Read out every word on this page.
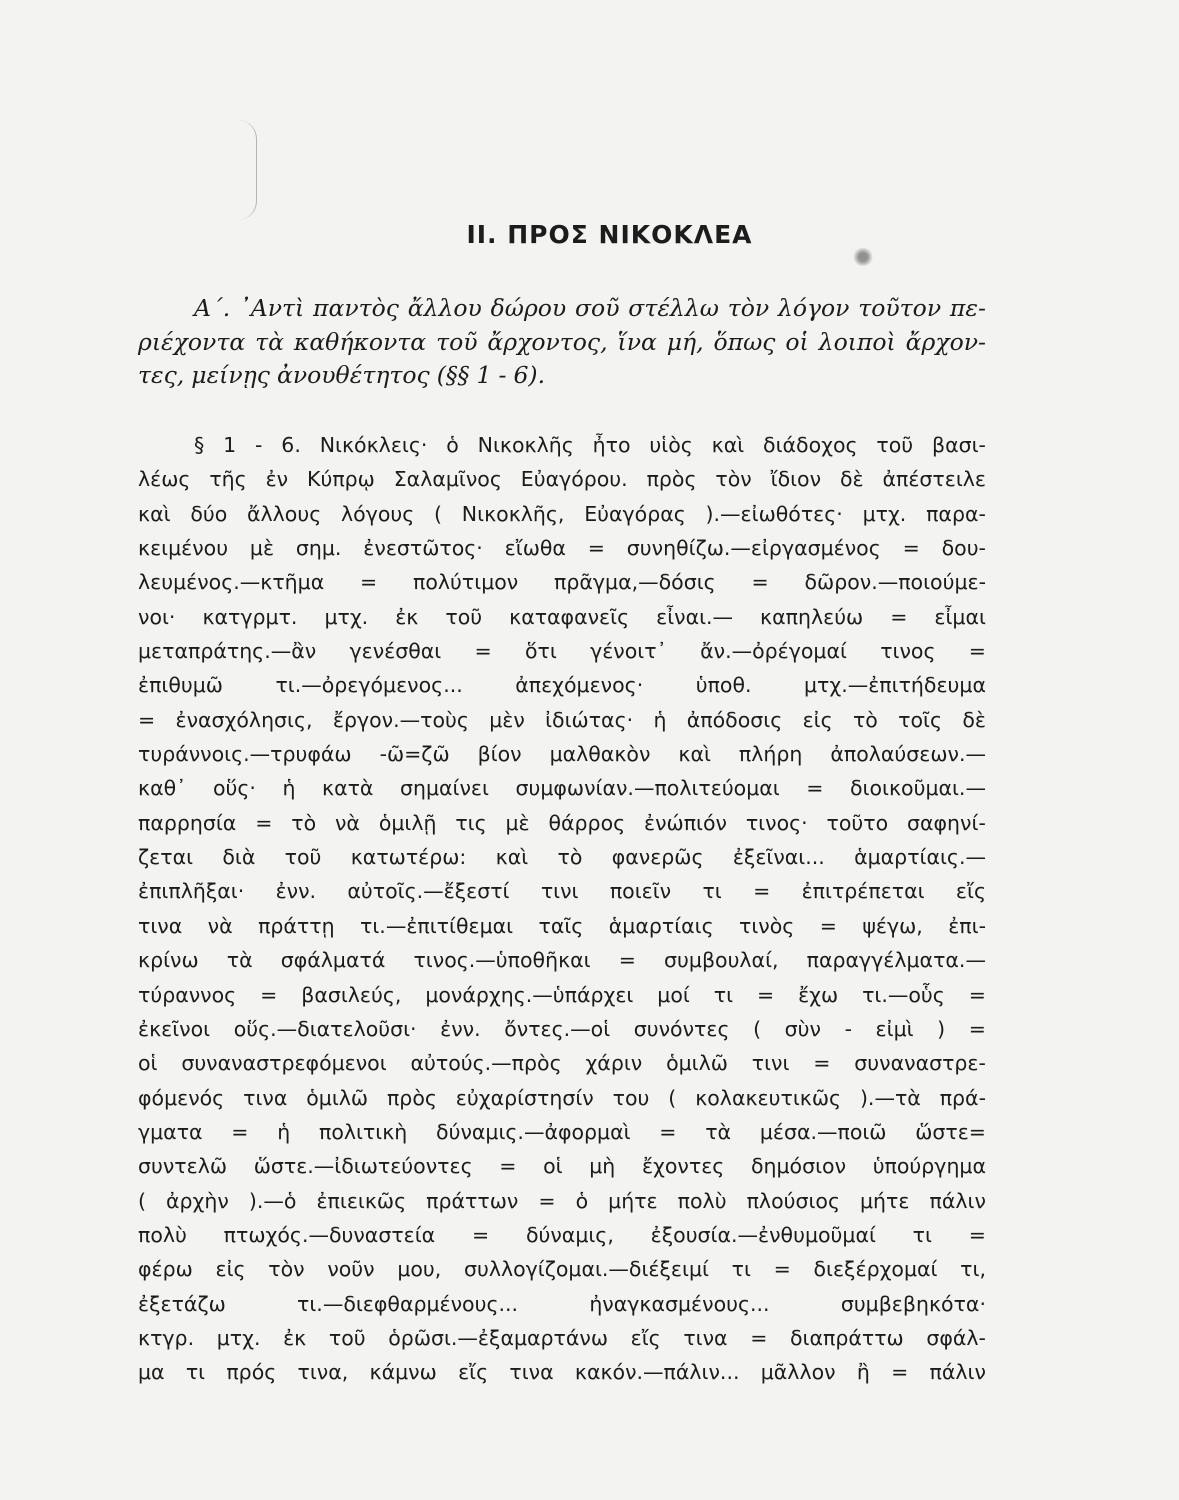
II. ΠΡΟΣ ΝΙΚΟΚΛΕΑ
Α΄. ᾿Αντὶ παντὸς ἄλλου δώρου σοῦ στέλλω τὸν λόγον τοῦτον πε-
ριέχοντα τὰ καθήκοντα τοῦ ἄρχοντος, ἵνα μή, ὅπως οἱ λοιποὶ ἄρχον-
τες, μείνῃς ἀνουθέτητος (§§ 1 - 6).
§ 1 - 6. Νικόκλεις· ὁ Νικοκλῆς ἦτο υἱὸς καὶ διάδοχος τοῦ βασι-
λέως τῆς ἐν Κύπρῳ Σαλαμῖνος Εὐαγόρου. πρὸς τὸν ἴδιον δὲ ἀπέστειλε
καὶ δύο ἄλλους λόγους ( Νικοκλῆς, Εὐαγόρας ).—εἰωθότες· μτχ. παρα-
κειμένου μὲ σημ. ἐνεστῶτος· εἴωθα = συνηθίζω.—εἰργασμένος = δου-
λευμένος.—κτῆμα = πολύτιμον πρᾶγμα,—δόσις = δῶρον.—ποιούμε-
νοι· κατγρμτ. μτχ. ἐκ τοῦ καταφανεῖς εἶναι.— καπηλεύω = εἶμαι
μεταπράτης.—ἂν γενέσθαι = ὅτι γένοιτ᾽ ἄν.—ὀρέγομαί τινος =
ἐπιθυμῶ	τι.—ὀρεγόμενος...	ἀπεχόμενος·	ὑποθ.	μτχ.—ἐπιτήδευμα
= ἐνασχόλησις, ἔργον.—τοὺς μὲν ἰδιώτας· ἡ ἀπόδοσις εἰς τὸ τοῖς δὲ
τυράννοις.—τρυφάω -ῶ=ζῶ βίον μαλθακὸν καὶ πλήρη ἀπολαύσεων.—
καθ᾽ οὕς· ἡ κατὰ σημαίνει συμφωνίαν.—πολιτεύομαι = διοικοῦμαι.—
παρρησία = τὸ νὰ ὁμιλῇ τις μὲ θάρρος ἐνώπιόν τινος· τοῦτο σαφηνί-
ζεται διὰ τοῦ κατωτέρω: καὶ τὸ φανερῶς ἐξεῖναι... ἁμαρτίαις.—
ἐπιπλῆξαι· ἐνν. αὐτοῖς.—ἔξεστί τινι ποιεῖν τι = ἐπιτρέπεται εἴς
τινα νὰ πράττῃ τι.—ἐπιτίθεμαι ταῖς ἁμαρτίαις τινὸς = ψέγω, ἐπι-
κρίνω τὰ σφάλματά τινος.—ὑποθῆκαι = συμβουλαί, παραγγέλματα.—
τύραννος = βασιλεύς, μονάρχης.—ὑπάρχει μοί τι = ἔχω τι.—οὗς =
ἐκεῖνοι οὕς.—διατελοῦσι· ἐνν. ὄντες.—οἱ συνόντες ( σὺν - εἰμὶ ) =
οἱ συναναστρεφόμενοι αὐτούς.—πρὸς χάριν ὁμιλῶ τινι = συναναστρε-
φόμενός τινα ὁμιλῶ πρὸς εὐχαρίστησίν του ( κολακευτικῶς ).—τὰ πρά-
γματα = ἡ πολιτικὴ δύναμις.—ἀφορμαὶ = τὰ μέσα.—ποιῶ ὥστε=
συντελῶ ὥστε.—ἰδιωτεύοντες = οἱ μὴ ἔχοντες δημόσιον ὑπούργημα
( ἀρχὴν ).—ὁ ἐπιεικῶς πράττων = ὁ μήτε πολὺ πλούσιος μήτε πάλιν
πολὺ πτωχός.—δυναστεία = δύναμις, ἐξουσία.—ἐνθυμοῦμαί τι =
φέρω εἰς τὸν νοῦν μου, συλλογίζομαι.—διέξειμί τι = διεξέρχομαί τι,
ἐξετάζω	τι.—διεφθαρμένους...	ἠναγκασμένους...	συμβεβηκότα·
κτγρ. μτχ. ἐκ τοῦ ὁρῶσι.—ἐξαμαρτάνω εἴς τινα = διαπράττω σφάλ-
μα τι πρός τινα, κάμνω εἴς τινα κακόν.—πάλιν... μᾶλλον ἢ = πάλιν
